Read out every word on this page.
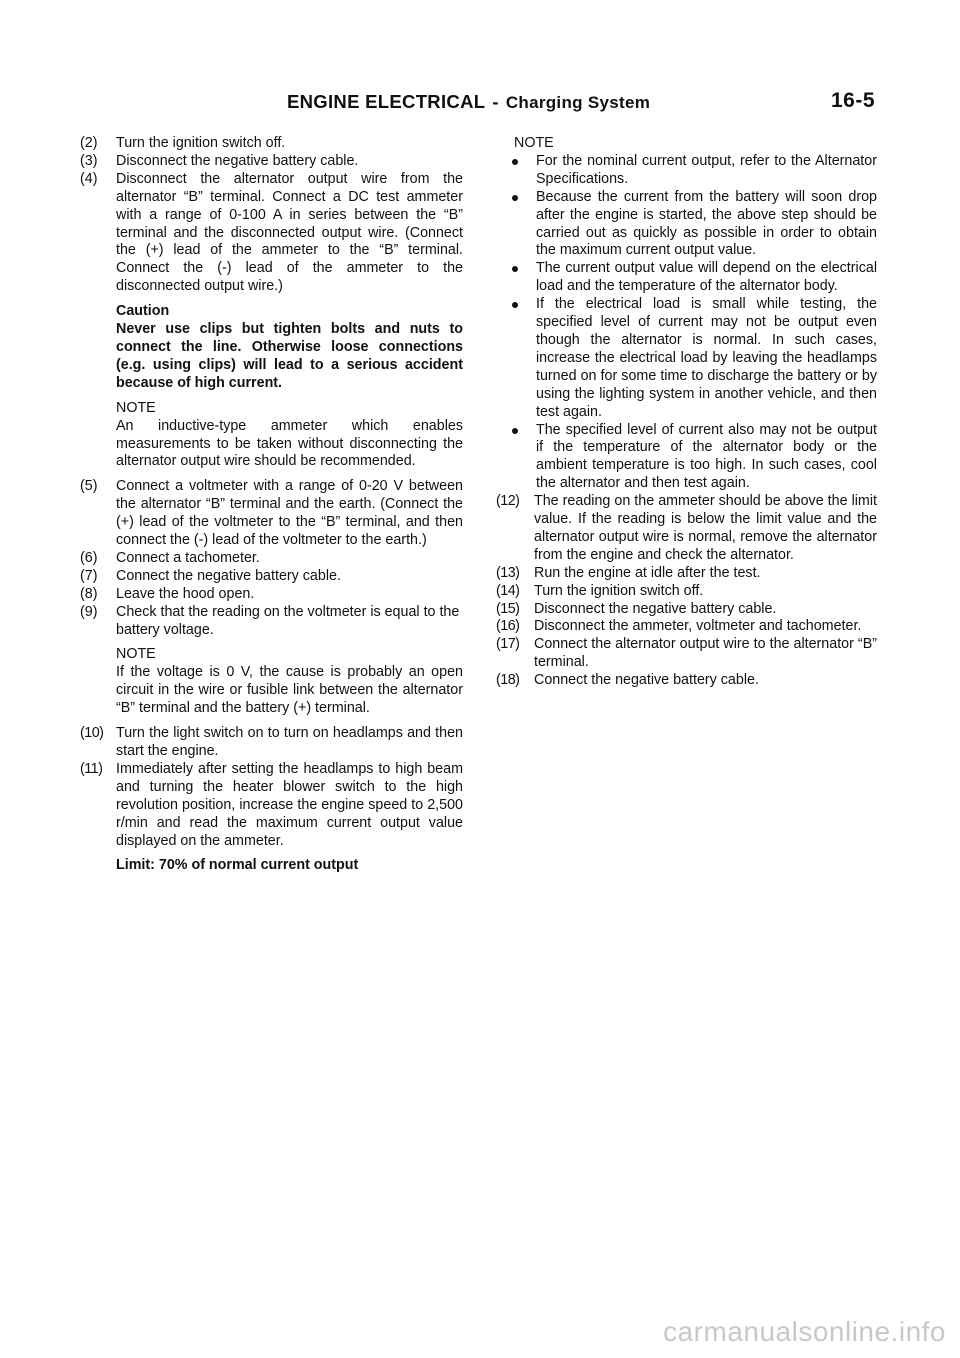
ENGINE ELECTRICAL - Charging System	16-5
(2) Turn the ignition switch off.
(3) Disconnect the negative battery cable.
(4) Disconnect the alternator output wire from the alternator “B” terminal. Connect a DC test ammeter with a range of 0-100 A in series between the “B” terminal and the disconnected output wire. (Connect the (+) lead of the ammeter to the “B” terminal. Connect the (-) lead of the ammeter to the disconnected output wire.)
Caution
Never use clips but tighten bolts and nuts to connect the line. Otherwise loose connections (e.g. using clips) will lead to a serious accident because of high current.
NOTE
An inductive-type ammeter which enables measurements to be taken without disconnecting the alternator output wire should be recommended.
(5) Connect a voltmeter with a range of 0-20 V between the alternator “B” terminal and the earth. (Connect the (+) lead of the voltmeter to the “B” terminal, and then connect the (-) lead of the voltmeter to the earth.)
(6) Connect a tachometer.
(7) Connect the negative battery cable.
(8) Leave the hood open.
(9) Check that the reading on the voltmeter is equal to the battery voltage.
NOTE
If the voltage is 0 V, the cause is probably an open circuit in the wire or fusible link between the alternator “B” terminal and the battery (+) terminal.
(10) Turn the light switch on to turn on headlamps and then start the engine.
(11) Immediately after setting the headlamps to high beam and turning the heater blower switch to the high revolution position, increase the engine speed to 2,500 r/min and read the maximum current output value displayed on the ammeter.
Limit: 70% of normal current output
NOTE
For the nominal current output, refer to the Alternator Specifications.
Because the current from the battery will soon drop after the engine is started, the above step should be carried out as quickly as possible in order to obtain the maximum current output value.
The current output value will depend on the electrical load and the temperature of the alternator body.
If the electrical load is small while testing, the specified level of current may not be output even though the alternator is normal. In such cases, increase the electrical load by leaving the headlamps turned on for some time to discharge the battery or by using the lighting system in another vehicle, and then test again.
The specified level of current also may not be output if the temperature of the alternator body or the ambient temperature is too high. In such cases, cool the alternator and then test again.
(12) The reading on the ammeter should be above the limit value. If the reading is below the limit value and the alternator output wire is normal, remove the alternator from the engine and check the alternator.
(13) Run the engine at idle after the test.
(14) Turn the ignition switch off.
(15) Disconnect the negative battery cable.
(16) Disconnect the ammeter, voltmeter and tachometer.
(17) Connect the alternator output wire to the alternator “B” terminal.
(18) Connect the negative battery cable.
carmanualsonline.info
